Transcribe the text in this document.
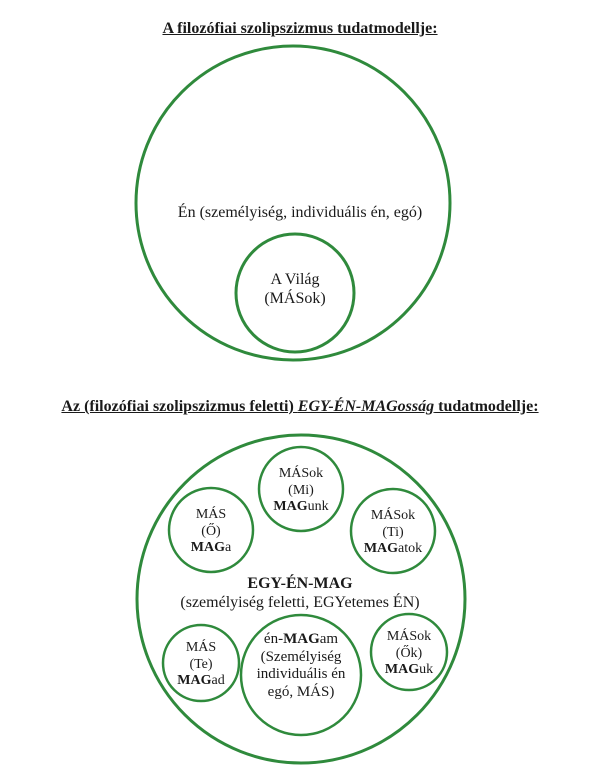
A filozófiai szolipszizmus tudatmodellje:
Én (személyiség, individuális én, egó)
A Világ
(MÁSok)
Az (filozófiai szolipszizmus feletti) EGY-ÉN-MAGosság tudatmodellje:
EGY-ÉN-MAG
(személyiség feletti, EGYetemes ÉN)
MÁSok
(Mi)
MAGunk
MÁS
(Ő)
MAGa
MÁSok
(Ti)
MAGatok
MÁS
(Te)
MAGad
MÁSok
(Ők)
MAGuk
én-MAGam
(Személyiség
individuális én
egó, MÁS)
